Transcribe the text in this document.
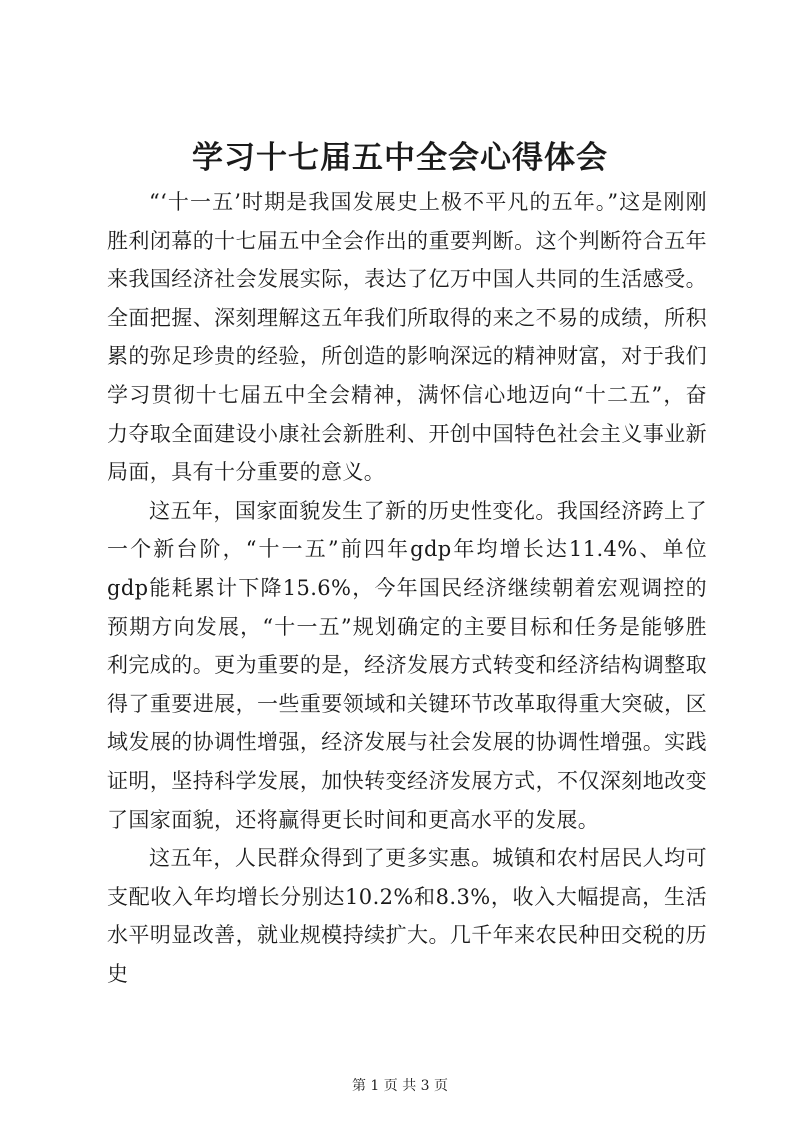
学习十七届五中全会心得体会

“‘十一五’时期是我国发展史上极不平凡的五年。”这是刚刚胜利闭幕的十七届五中全会作出的重要判断。这个判断符合五年来我国经济社会发展实际，表达了亿万中国人共同的生活感受。全面把握、深刻理解这五年我们所取得的来之不易的成绩，所积累的弥足珍贵的经验，所创造的影响深远的精神财富，对于我们学习贯彻十七届五中全会精神，满怀信心地迈向“十二五”，奋力夺取全面建设小康社会新胜利、开创中国特色社会主义事业新局面，具有十分重要的意义。

这五年，国家面貌发生了新的历史性变化。我国经济跨上了一个新台阶，“十一五”前四年gdp年均增长达11.4%、单位gdp能耗累计下降15.6%，今年国民经济继续朝着宏观调控的预期方向发展，“十一五”规划确定的主要目标和任务是能够胜利完成的。更为重要的是，经济发展方式转变和经济结构调整取得了重要进展，一些重要领域和关键环节改革取得重大突破，区域发展的协调性增强，经济发展与社会发展的协调性增强。实践证明，坚持科学发展，加快转变经济发展方式，不仅深刻地改变了国家面貌，还将赢得更长时间和更高水平的发展。

这五年，人民群众得到了更多实惠。城镇和农村居民人均可支配收入年均增长分别达10.2%和8.3%，收入大幅提高，生活水平明显改善，就业规模持续扩大。几千年来农民种田交税的历史

第 1 页 共 3 页
